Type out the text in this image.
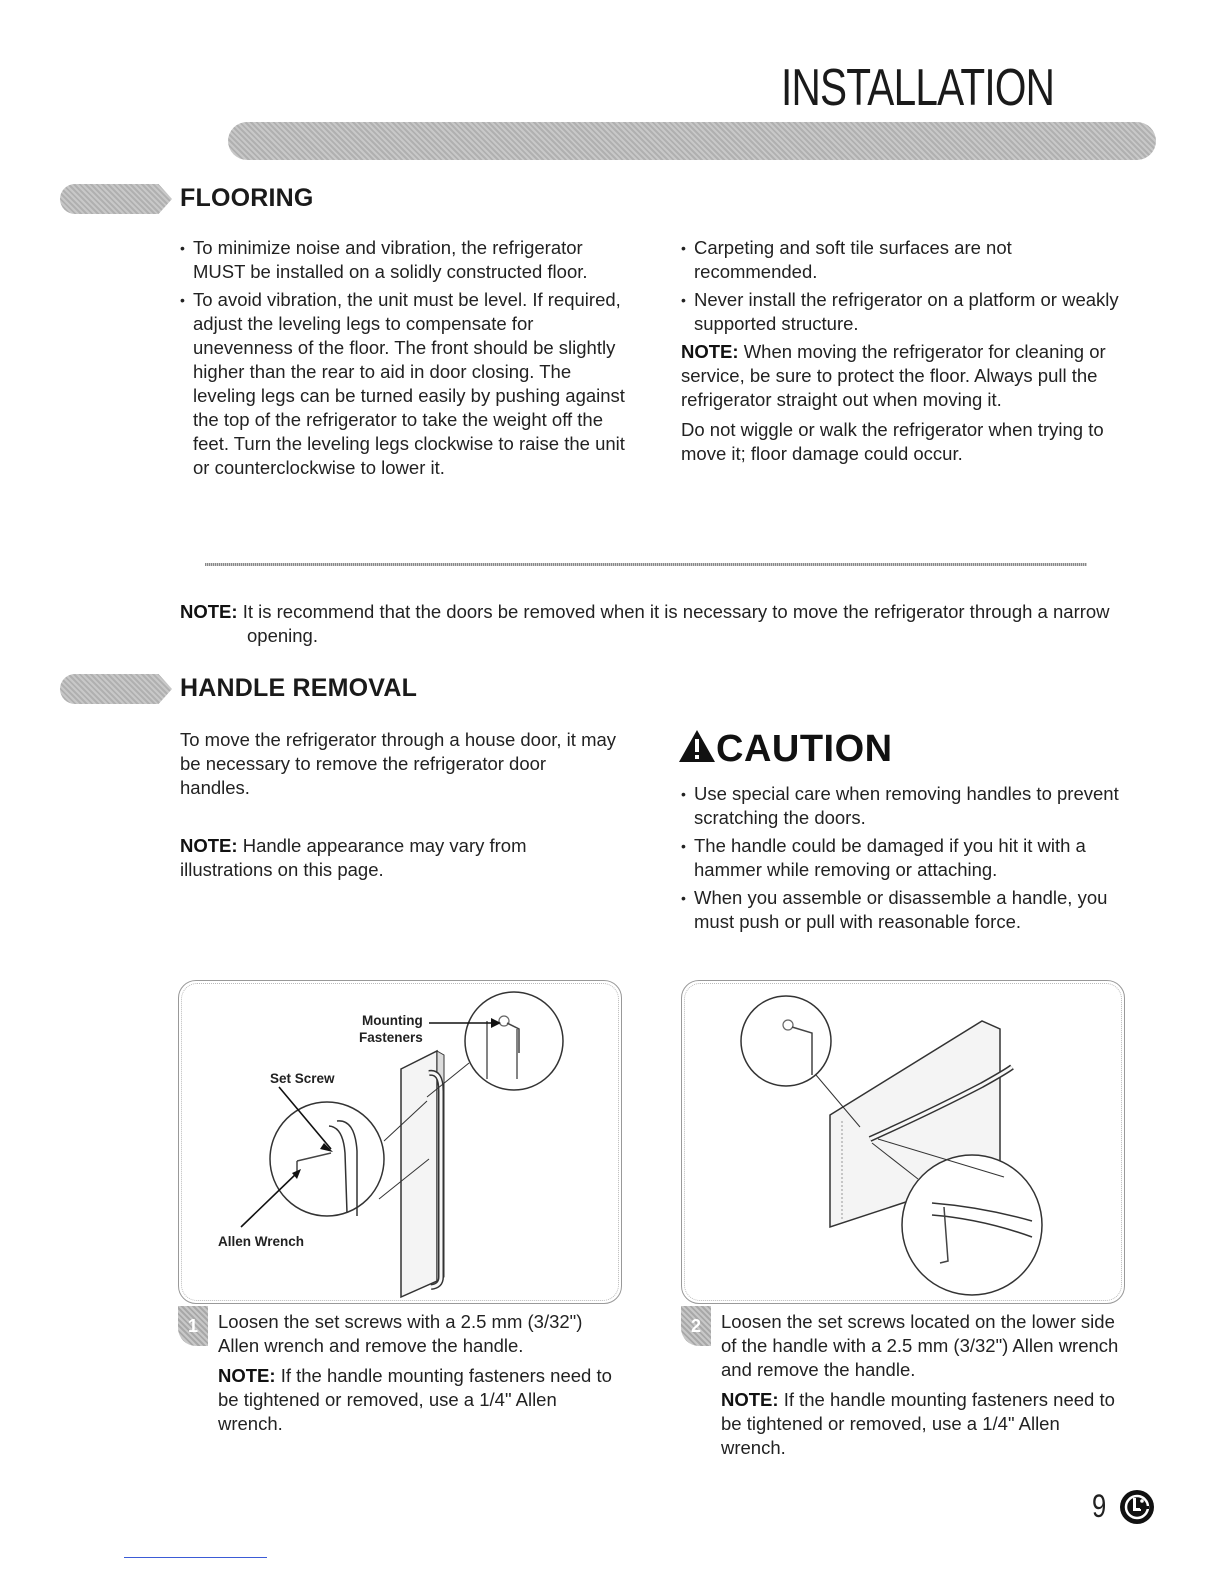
INSTALLATION
FLOORING
• To minimize noise and vibration, the refrigerator MUST be installed on a solidly constructed floor.
• To avoid vibration, the unit must be level. If required, adjust the leveling legs to compensate for unevenness of the floor. The front should be slightly higher than the rear to aid in door closing. The leveling legs can be turned easily by pushing against the top of the refrigerator to take the weight off the feet. Turn the leveling legs clockwise to raise the unit or counterclockwise to lower it.
• Carpeting and soft tile surfaces are not recommended.
• Never install the refrigerator on a platform or weakly supported structure.
NOTE: When moving the refrigerator for cleaning or service, be sure to protect the floor. Always pull the refrigerator straight out when moving it.
Do not wiggle or walk the refrigerator when trying to move it; floor damage could occur.
NOTE: It is recommend that the doors be removed when it is necessary to move the refrigerator through a narrow opening.
HANDLE REMOVAL
To move the refrigerator through a house door, it may be necessary to remove the refrigerator door handles.
NOTE: Handle appearance may vary from illustrations on this page.
CAUTION
• Use special care when removing handles to prevent scratching the doors.
• The handle could be damaged if you hit it with a hammer while removing or attaching.
• When you assemble or disassemble a handle, you must push or pull with reasonable force.
Mounting
Fasteners
Set Screw
Allen Wrench
1	Loosen the set screws with a 2.5 mm (3/32") Allen wrench and remove the handle.
NOTE: If the handle mounting fasteners need to be tightened or removed, use a 1/4" Allen wrench.
2	Loosen the set screws located on the lower side of the handle with a 2.5 mm (3/32") Allen wrench and remove the handle.
NOTE: If the handle mounting fasteners need to be tightened or removed, use a 1/4" Allen wrench.
9
